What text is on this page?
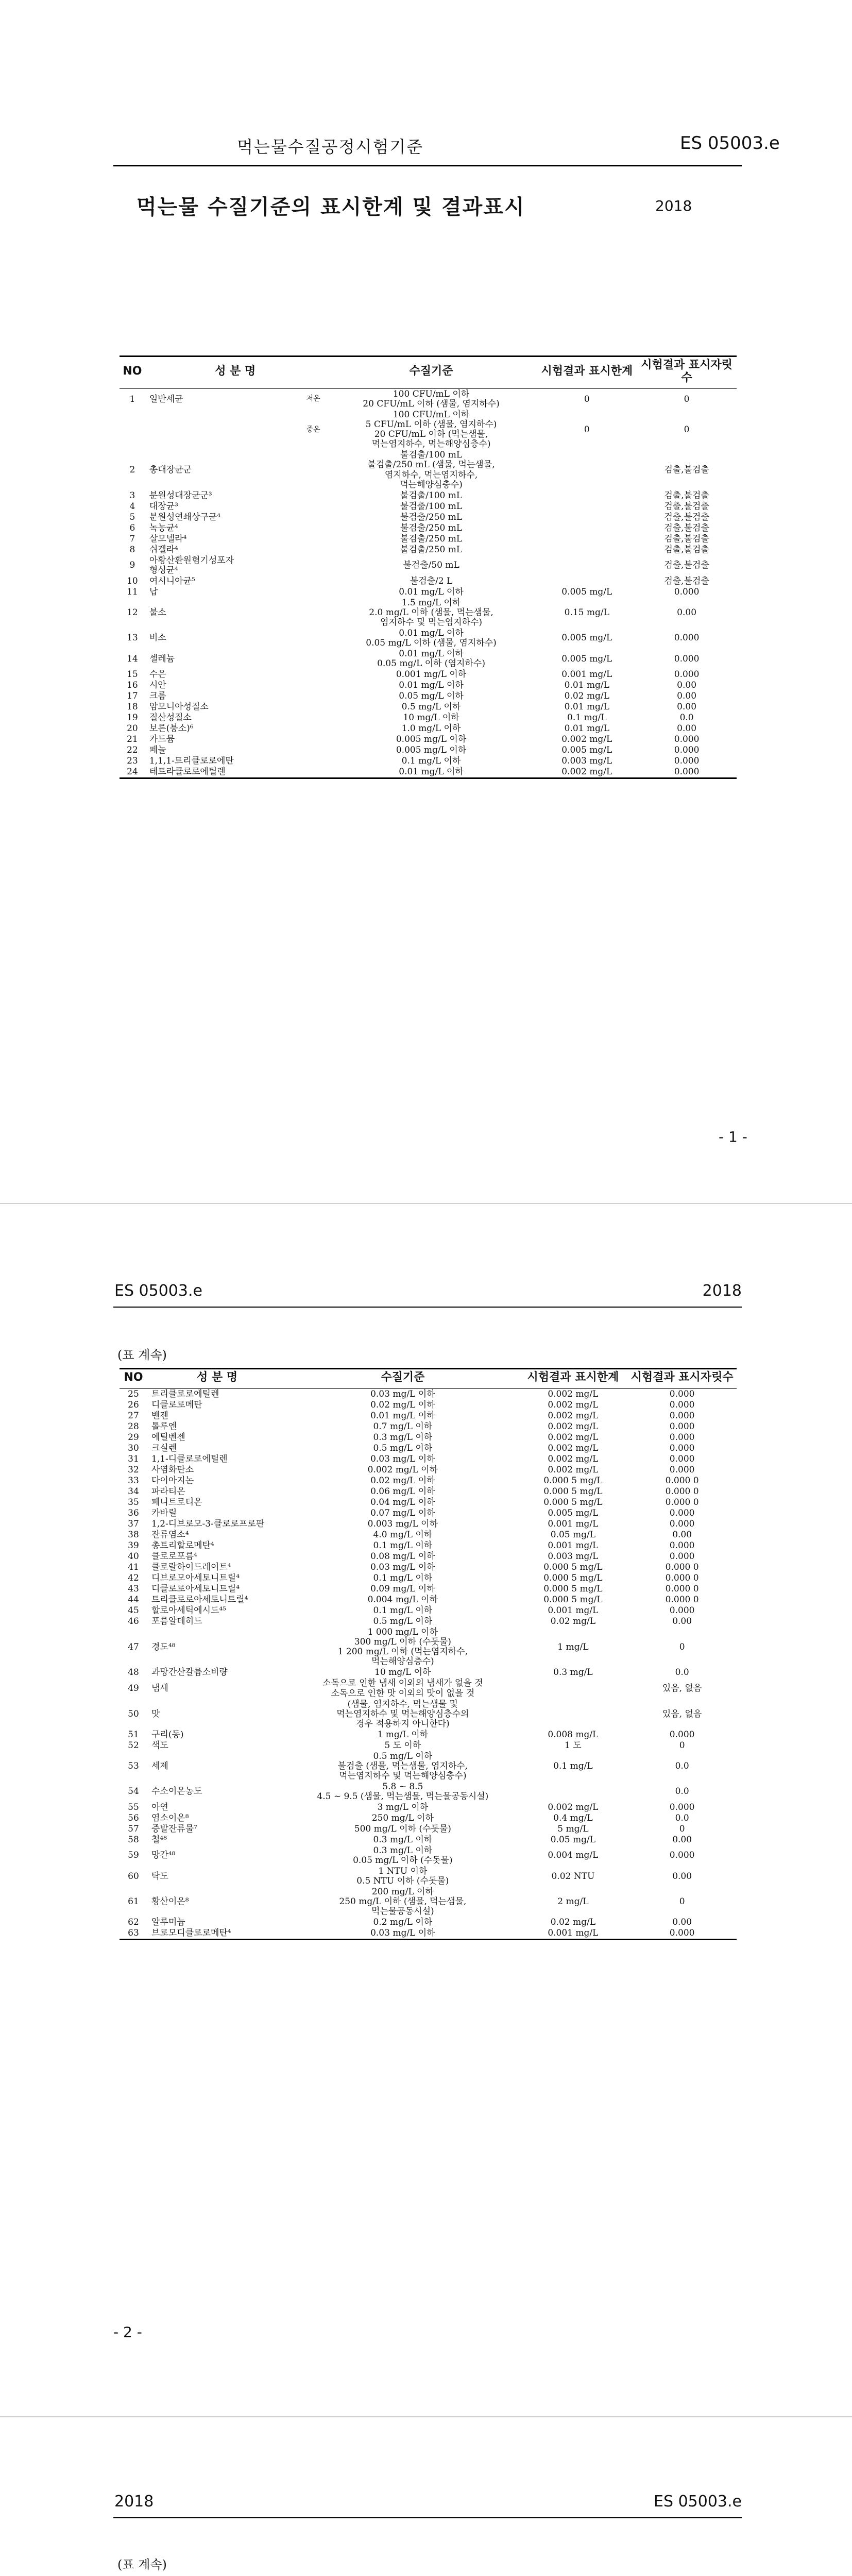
먹는물수질공정시험기준	ES 05003.e
먹는물 수질기준의 표시한계 및 결과표시	2018
NO	성 분 명		수질기준	시험결과 표시한계	시험결과 표시자릿수
1	일반세균	저온	100 CFU/mL 이하
20 CFU/mL 이하 (샘물, 염지하수)	0	0
		중온	100 CFU/mL 이하
5 CFU/mL 이하 (샘물, 염지하수)
20 CFU/mL 이하 (먹는샘물,
먹는염지하수, 먹는해양심층수)	0	0
2	총대장균군		불검출/100 mL
불검출/250 mL (샘물, 먹는샘물,
염지하수, 먹는염지하수,
먹는해양심층수)		검출,불검출
3	분원성대장균군³		불검출/100 mL		검출,불검출
4	대장균³		불검출/100 mL		검출,불검출
5	분원성연쇄상구균⁴		불검출/250 mL		검출,불검출
6	녹농균⁴		불검출/250 mL		검출,불검출
7	살모넬라⁴		불검출/250 mL		검출,불검출
8	쉬겔라⁴		불검출/250 mL		검출,불검출
9	아황산환원혐기성포자
형성균⁴		불검출/50 mL		검출,불검출
10	여시니아균⁵		불검출/2 L		검출,불검출
11	납		0.01 mg/L 이하	0.005 mg/L	0.000
12	불소		1.5 mg/L 이하
2.0 mg/L 이하 (샘물, 먹는샘물,
염지하수 및 먹는염지하수)	0.15 mg/L	0.00
13	비소		0.01 mg/L 이하
0.05 mg/L 이하 (샘물, 염지하수)	0.005 mg/L	0.000
14	셀레늄		0.01 mg/L 이하
0.05 mg/L 이하 (염지하수)	0.005 mg/L	0.000
15	수은		0.001 mg/L 이하	0.001 mg/L	0.000
16	시안		0.01 mg/L 이하	0.01 mg/L	0.00
17	크롬		0.05 mg/L 이하	0.02 mg/L	0.00
18	암모니아성질소		0.5 mg/L 이하	0.01 mg/L	0.00
19	질산성질소		10 mg/L 이하	0.1 mg/L	0.0
20	보론(붕소)⁶		1.0 mg/L 이하	0.01 mg/L	0.00
21	카드뮴		0.005 mg/L 이하	0.002 mg/L	0.000
22	페놀		0.005 mg/L 이하	0.005 mg/L	0.000
23	1,1,1-트리클로로에탄		0.1 mg/L 이하	0.003 mg/L	0.000
24	테트라클로로에틸렌		0.01 mg/L 이하	0.002 mg/L	0.000
- 1 -
ES 05003.e	2018
(표 계속)
NO	성 분 명	수질기준	시험결과 표시한계	시험결과 표시자릿수
25	트리클로로에틸렌	0.03 mg/L 이하	0.002 mg/L	0.000
26	디클로로메탄	0.02 mg/L 이하	0.002 mg/L	0.000
27	벤젠	0.01 mg/L 이하	0.002 mg/L	0.000
28	톨루엔	0.7 mg/L 이하	0.002 mg/L	0.000
29	에틸벤젠	0.3 mg/L 이하	0.002 mg/L	0.000
30	크실렌	0.5 mg/L 이하	0.002 mg/L	0.000
31	1,1-디클로로에틸렌	0.03 mg/L 이하	0.002 mg/L	0.000
32	사염화탄소	0.002 mg/L 이하	0.002 mg/L	0.000
33	다이아지논	0.02 mg/L 이하	0.000 5 mg/L	0.000 0
34	파라티온	0.06 mg/L 이하	0.000 5 mg/L	0.000 0
35	페니트로티온	0.04 mg/L 이하	0.000 5 mg/L	0.000 0
36	카바릴	0.07 mg/L 이하	0.005 mg/L	0.000
37	1,2-디브로모-3-클로로프로판	0.003 mg/L 이하	0.001 mg/L	0.000
38	잔류염소⁴	4.0 mg/L 이하	0.05 mg/L	0.00
39	총트리할로메탄⁴	0.1 mg/L 이하	0.001 mg/L	0.000
40	클로로포름⁴	0.08 mg/L 이하	0.003 mg/L	0.000
41	클로랄하이드레이트⁴	0.03 mg/L 이하	0.000 5 mg/L	0.000 0
42	디브로모아세토니트릴⁴	0.1 mg/L 이하	0.000 5 mg/L	0.000 0
43	디클로로아세토니트릴⁴	0.09 mg/L 이하	0.000 5 mg/L	0.000 0
44	트리클로로아세토니트릴⁴	0.004 mg/L 이하	0.000 5 mg/L	0.000 0
45	할로아세틱에시드⁴⁵	0.1 mg/L 이하	0.001 mg/L	0.000
46	포름알데히드	0.5 mg/L 이하	0.02 mg/L	0.00
47	경도⁴⁸	1 000 mg/L 이하
300 mg/L 이하 (수돗물)
1 200 mg/L 이하 (먹는염지하수,
먹는해양심층수)	1 mg/L	0
48	과망간산칼륨소비량	10 mg/L 이하	0.3 mg/L	0.0
49	냄새	소독으로 인한 냄새 이외의 냄새가 없을 것
소독으로 인한 맛 이외의 맛이 없을 것		있음, 없음
50	맛	(샘물, 염지하수, 먹는샘물 및
먹는염지하수 및 먹는해양심층수의
경우 적용하지 아니한다)		있음, 없음
51	구리(동)	1 mg/L 이하	0.008 mg/L	0.000
52	색도	5 도 이하	1 도	0
53	세제	0.5 mg/L 이하
불검출 (샘물, 먹는샘물, 염지하수,
먹는염지하수 및 먹는해양심층수)	0.1 mg/L	0.0
54	수소이온농도	5.8 ~ 8.5
4.5 ~ 9.5 (샘물, 먹는샘물, 먹는물공동시설)		0.0
55	아연	3 mg/L 이하	0.002 mg/L	0.000
56	염소이온⁸	250 mg/L 이하	0.4 mg/L	0.0
57	증발잔류물⁷	500 mg/L 이하 (수돗물)	5 mg/L	0
58	철⁴⁸	0.3 mg/L 이하	0.05 mg/L	0.00
59	망간⁴⁸	0.3 mg/L 이하
0.05 mg/L 이하 (수돗물)	0.004 mg/L	0.000
60	탁도	1 NTU 이하
0.5 NTU 이하 (수돗물)	0.02 NTU	0.00
61	황산이온⁸	200 mg/L 이하
250 mg/L 이하 (샘물, 먹는샘물,
먹는물공동시설)	2 mg/L	0
62	알루미늄	0.2 mg/L 이하	0.02 mg/L	0.00
63	브로모디클로로메탄⁴	0.03 mg/L 이하	0.001 mg/L	0.000
- 2 -
2018	ES 05003.e
(표 계속)
